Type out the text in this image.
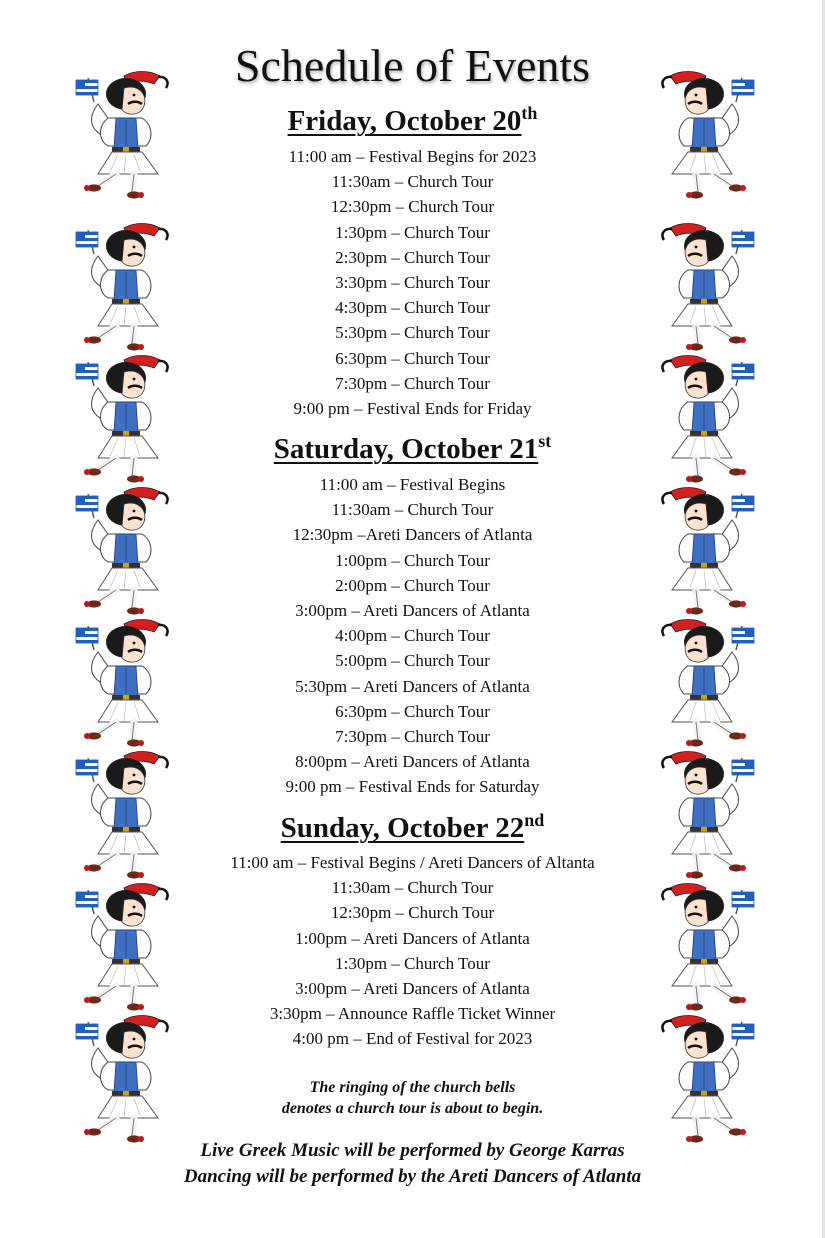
Schedule of Events
Friday, October 20th
11:00 am – Festival Begins for 2023
11:30am – Church Tour
12:30pm – Church Tour
1:30pm – Church Tour
2:30pm – Church Tour
3:30pm – Church Tour
4:30pm – Church Tour
5:30pm – Church Tour
6:30pm – Church Tour
7:30pm – Church Tour
9:00 pm – Festival Ends for Friday
Saturday, October 21st
11:00 am – Festival Begins
11:30am – Church Tour
12:30pm –Areti Dancers of Atlanta
1:00pm – Church Tour
2:00pm – Church Tour
3:00pm – Areti Dancers of Atlanta
4:00pm – Church Tour
5:00pm – Church Tour
5:30pm – Areti Dancers of Atlanta
6:30pm – Church Tour
7:30pm – Church Tour
8:00pm – Areti Dancers of Atlanta
9:00 pm – Festival Ends for Saturday
Sunday, October 22nd
11:00 am – Festival Begins / Areti Dancers of Altanta
11:30am – Church Tour
12:30pm – Church Tour
1:00pm – Areti Dancers of Atlanta
1:30pm – Church Tour
3:00pm – Areti Dancers of Atlanta
3:30pm – Announce Raffle Ticket Winner
4:00 pm – End of Festival for 2023
The ringing of the church bells
denotes a church tour is about to begin.
Live Greek Music will be performed by George Karras
Dancing will be performed by the Areti Dancers of Atlanta
